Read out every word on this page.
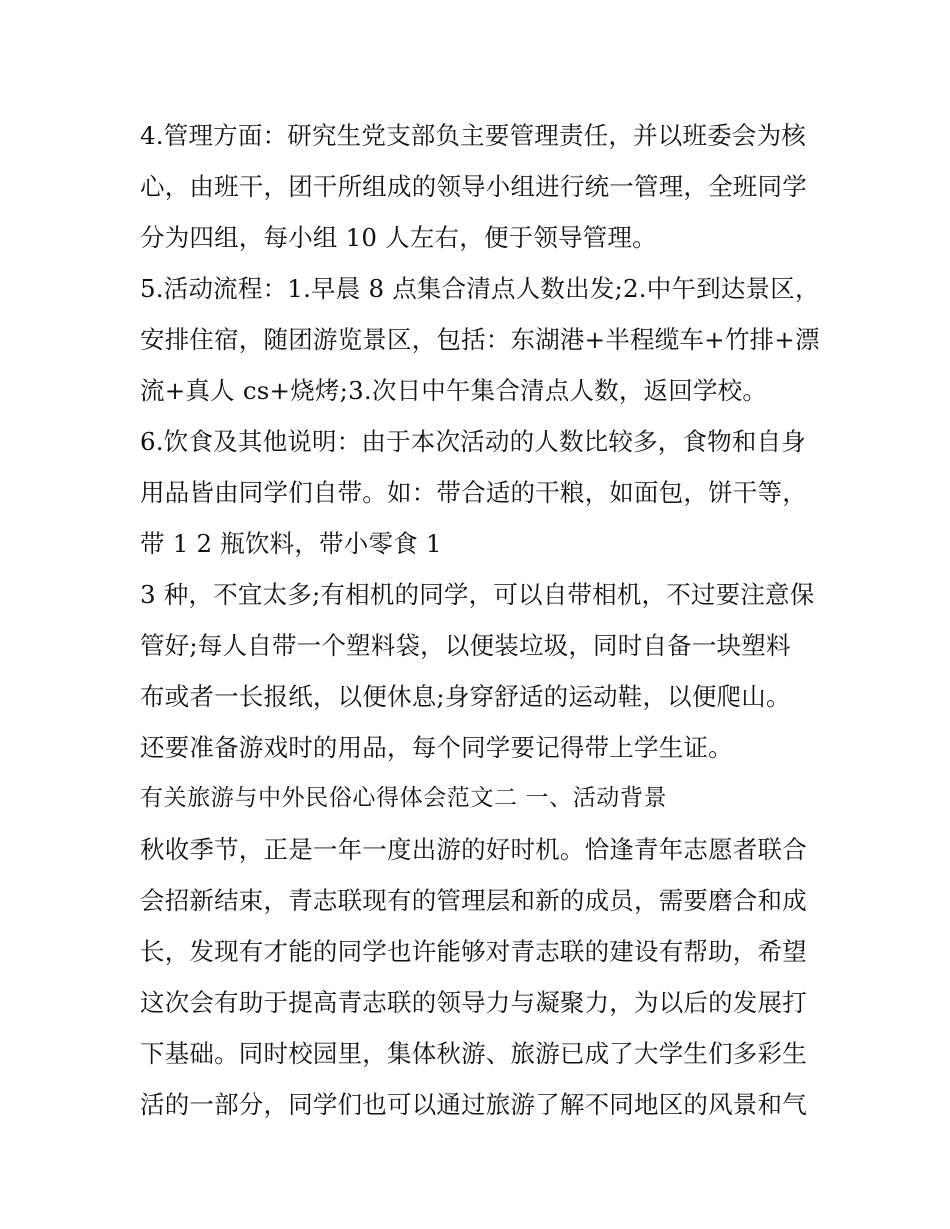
4.管理方面：研究生党支部负主要管理责任，并以班委会为核
心，由班干，团干所组成的领导小组进行统一管理，全班同学
分为四组，每小组 10 人左右，便于领导管理。
5.活动流程：1.早晨 8 点集合清点人数出发;2.中午到达景区，
安排住宿，随团游览景区，包括：东湖港+半程缆车+竹排+漂
流+真人 cs+烧烤;3.次日中午集合清点人数，返回学校。
6.饮食及其他说明：由于本次活动的人数比较多，食物和自身
用品皆由同学们自带。如：带合适的干粮，如面包，饼干等，
带 1 2 瓶饮料，带小零食 1
3 种，不宜太多;有相机的同学，可以自带相机，不过要注意保
管好;每人自带一个塑料袋，以便装垃圾，同时自备一块塑料
布或者一长报纸，以便休息;身穿舒适的运动鞋，以便爬山。
还要准备游戏时的用品，每个同学要记得带上学生证。
有关旅游与中外民俗心得体会范文二 一、活动背景
秋收季节，正是一年一度出游的好时机。恰逢青年志愿者联合
会招新结束，青志联现有的管理层和新的成员，需要磨合和成
长，发现有才能的同学也许能够对青志联的建设有帮助，希望
这次会有助于提高青志联的领导力与凝聚力，为以后的发展打
下基础。同时校园里，集体秋游、旅游已成了大学生们多彩生
活的一部分，同学们也可以通过旅游了解不同地区的风景和气
